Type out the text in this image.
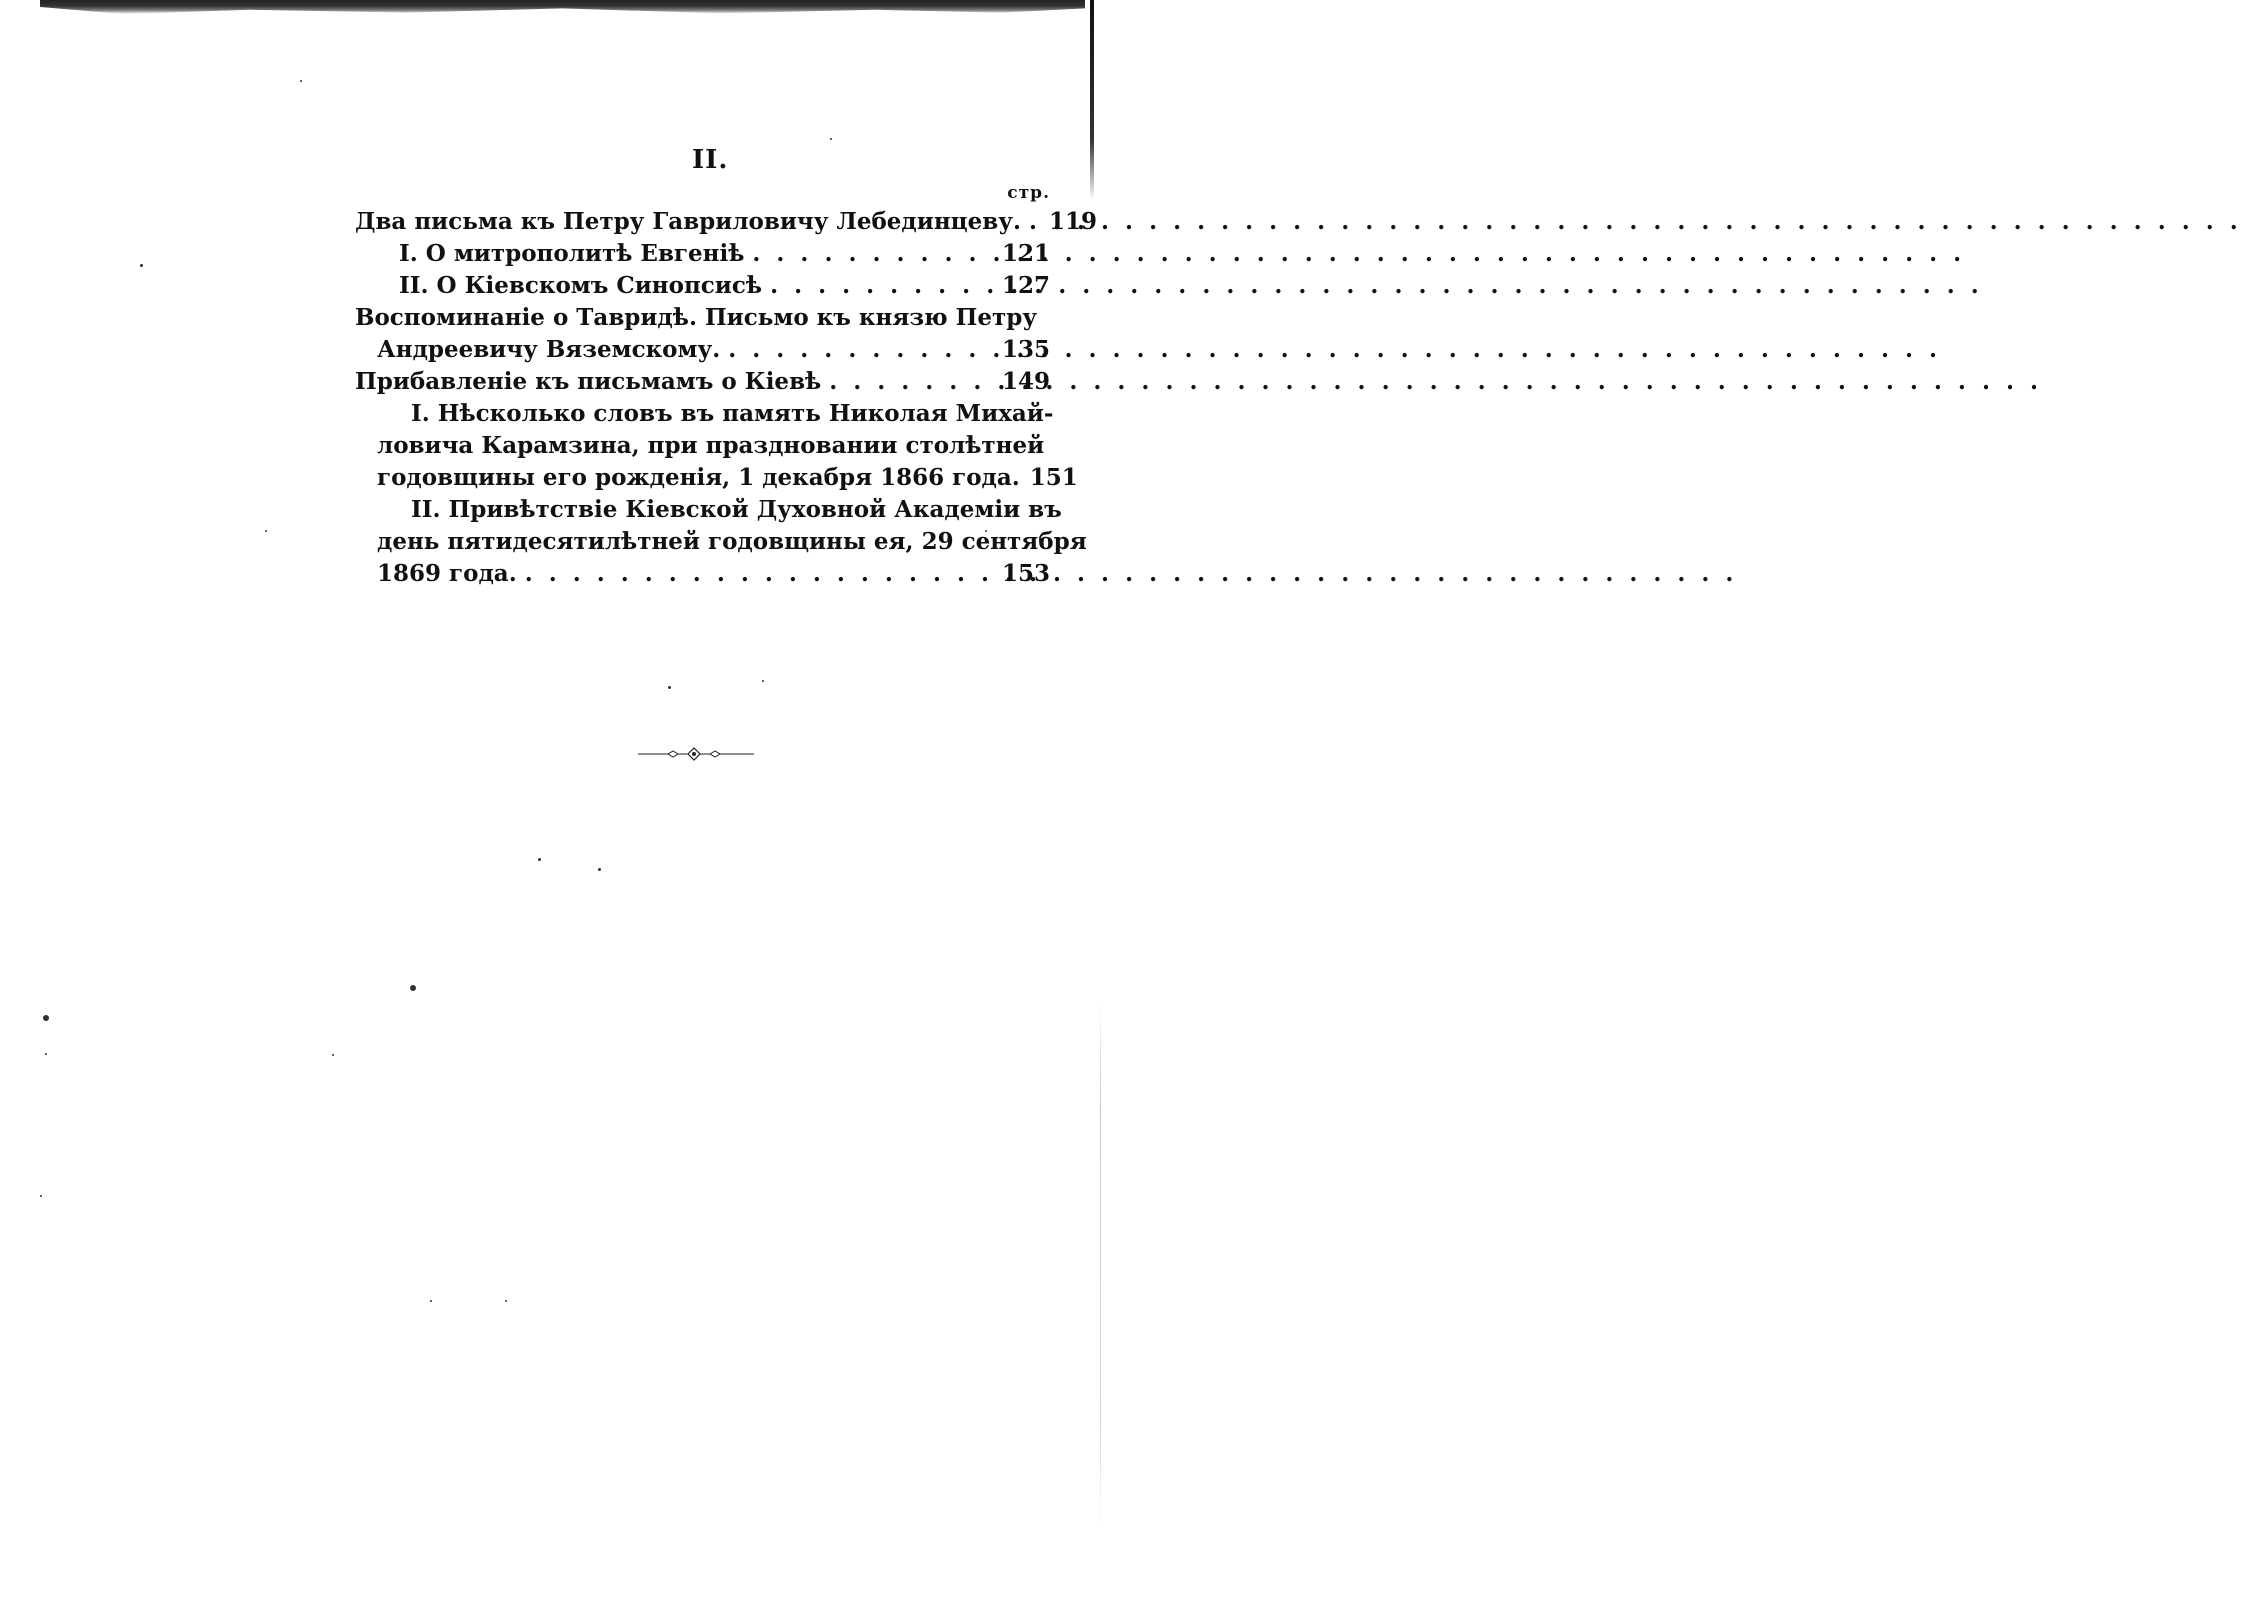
II.
стр.
Два письма къ Петру Гавриловичу Лебединцеву. . . .	119
I. О митрополитѣ Евгеніѣ . . .	121
II. О Кіевскомъ Синопсисѣ . . .	127
Воспоминаніе о Тавридѣ. Письмо къ князю Петру
Андреевичу Вяземскому. . . .	135
Прибавленіе къ письмамъ о Кіевѣ . . .	149
I. Нѣсколько словъ въ память Николая Михай-
ловича Карамзина, при праздновании столѣтней
годовщины его рожденія, 1 декабря 1866 года. 151
II. Привѣтствіе Кіевской Духовной Академіи въ
день пятидесятилѣтней годовщины ея, 29 сентября
1869 года. . . .	153
